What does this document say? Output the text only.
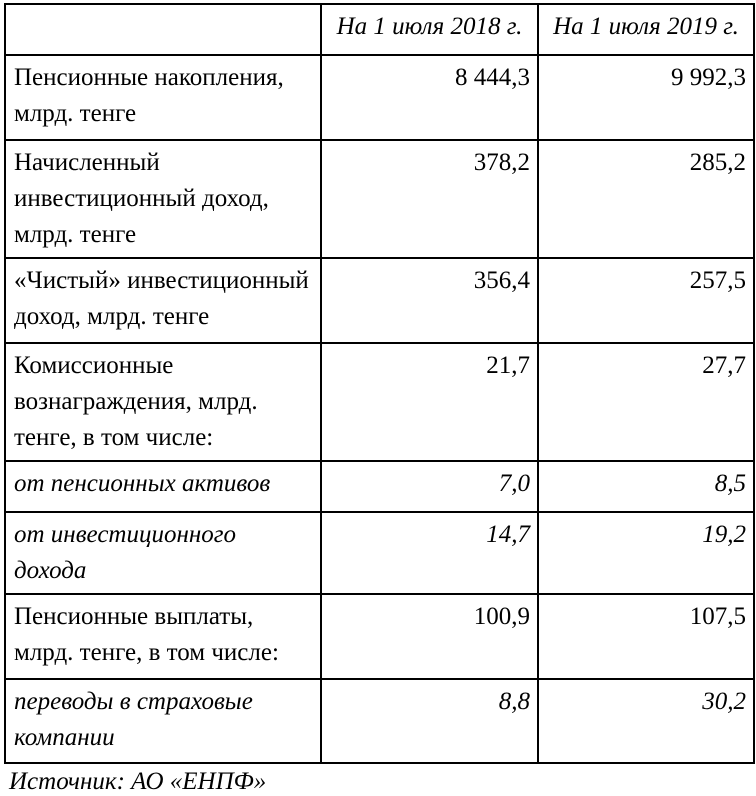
	На 1 июля 2018 г.	На 1 июля 2019 г.
Пенсионные накопления, млрд. тенге	8 444,3	9 992,3
Начисленный инвестиционный доход, млрд. тенге	378,2	285,2
«Чистый» инвестиционный доход, млрд. тенге	356,4	257,5
Комиссионные вознаграждения, млрд. тенге, в том числе:	21,7	27,7
от пенсионных активов	7,0	8,5
от инвестиционного дохода	14,7	19,2
Пенсионные выплаты, млрд. тенге, в том числе:	100,9	107,5
переводы в страховые компании	8,8	30,2
Источник: АО «ЕНПФ»
